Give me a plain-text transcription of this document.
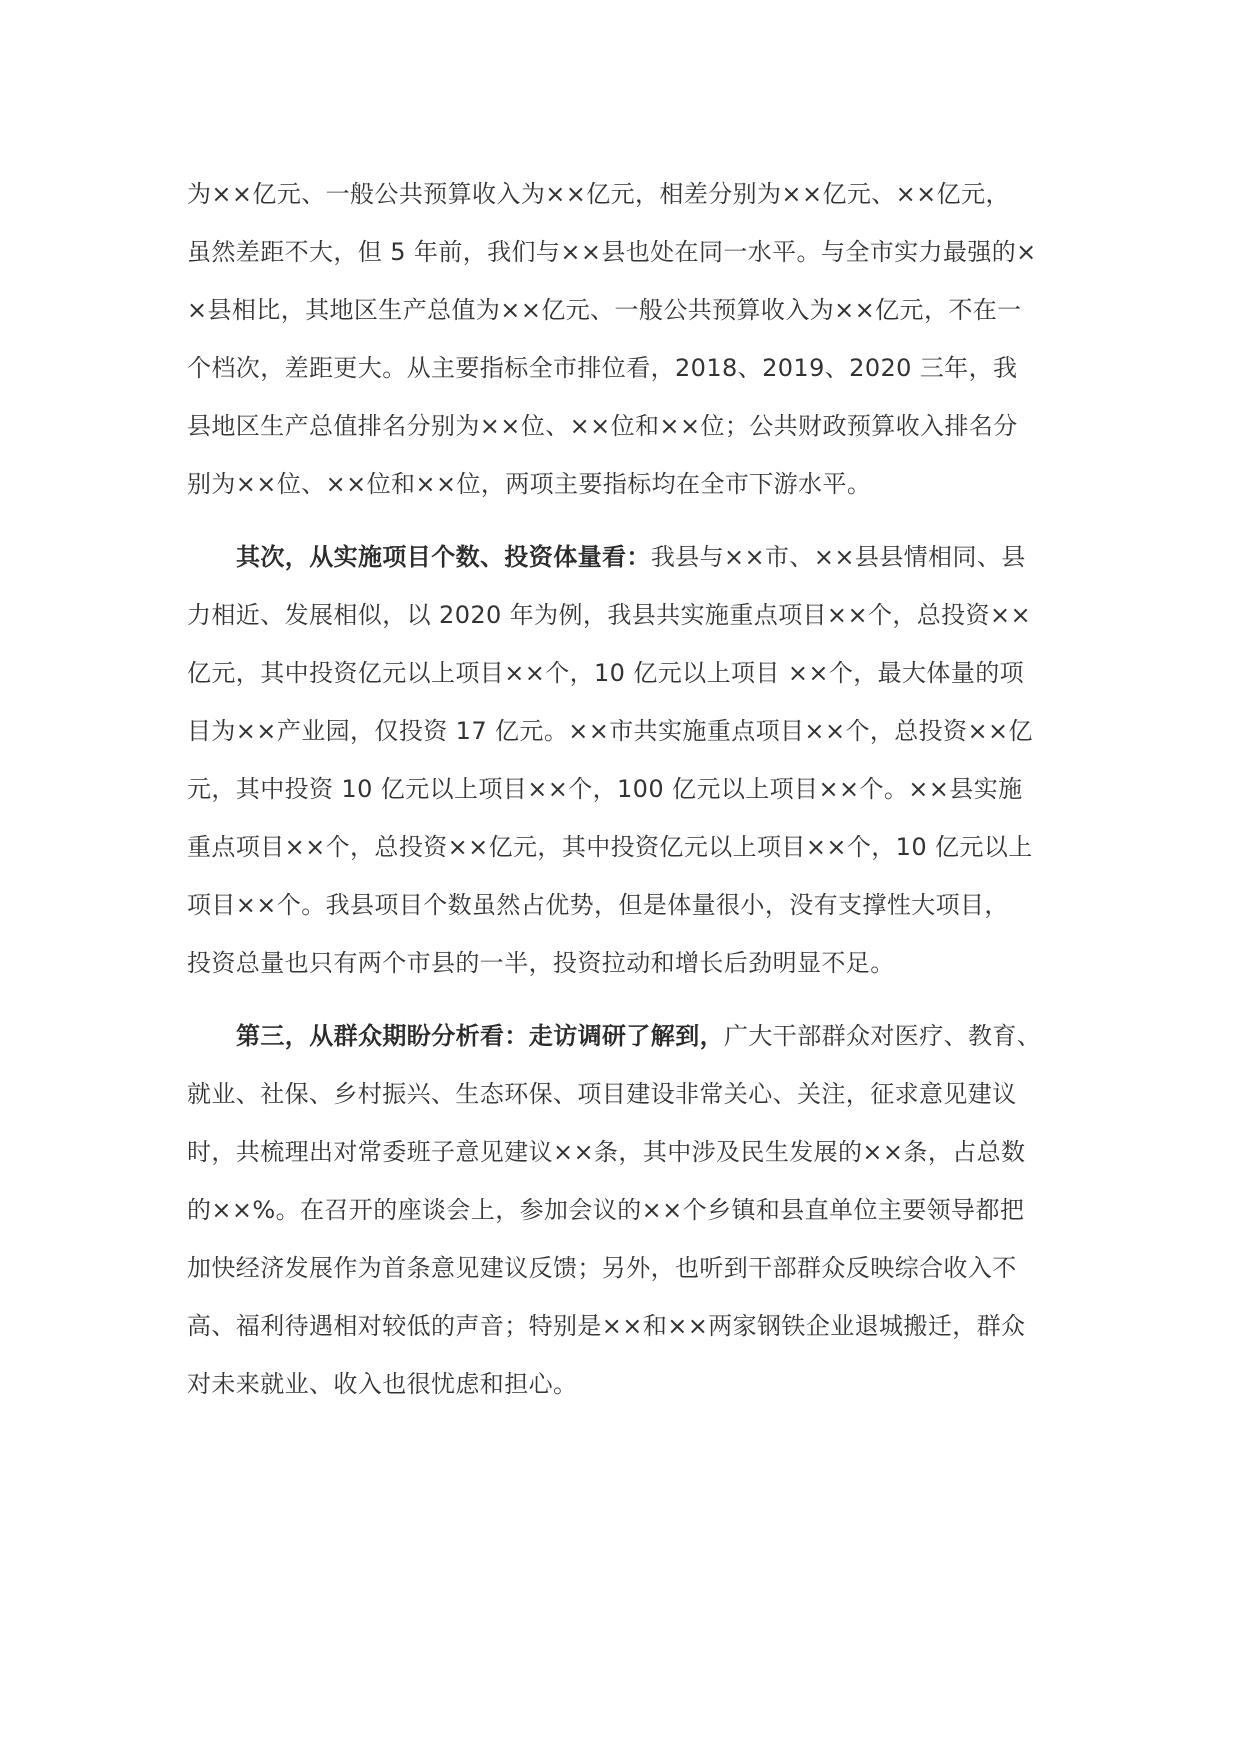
为××亿元、一般公共预算收入为××亿元，相差分别为××亿元、××亿元，
虽然差距不大，但 5 年前，我们与××县也处在同一水平。与全市实力最强的×
×县相比，其地区生产总值为××亿元、一般公共预算收入为××亿元，不在一
个档次，差距更大。从主要指标全市排位看，2018、2019、2020 三年，我
县地区生产总值排名分别为××位、××位和××位；公共财政预算收入排名分
别为××位、××位和××位，两项主要指标均在全市下游水平。
其次，从实施项目个数、投资体量看：我县与××市、××县县情相同、县
力相近、发展相似，以 2020 年为例，我县共实施重点项目××个，总投资××
亿元，其中投资亿元以上项目××个，10 亿元以上项目 ××个，最大体量的项
目为××产业园，仅投资 17 亿元。××市共实施重点项目××个，总投资××亿
元，其中投资 10 亿元以上项目××个，100 亿元以上项目××个。××县实施
重点项目××个，总投资××亿元，其中投资亿元以上项目××个，10 亿元以上
项目××个。我县项目个数虽然占优势，但是体量很小，没有支撑性大项目，
投资总量也只有两个市县的一半，投资拉动和增长后劲明显不足。
第三，从群众期盼分析看：走访调研了解到，广大干部群众对医疗、教育、
就业、社保、乡村振兴、生态环保、项目建设非常关心、关注，征求意见建议
时，共梳理出对常委班子意见建议××条，其中涉及民生发展的××条，占总数
的××%。在召开的座谈会上，参加会议的××个乡镇和县直单位主要领导都把
加快经济发展作为首条意见建议反馈；另外，也听到干部群众反映综合收入不
高、福利待遇相对较低的声音；特别是××和××两家钢铁企业退城搬迁，群众
对未来就业、收入也很忧虑和担心。
